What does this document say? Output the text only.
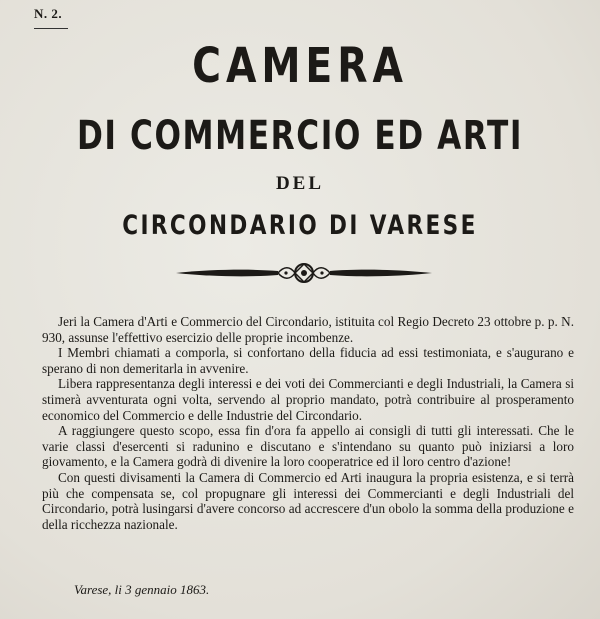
N. 2.
CAMERA
DI COMMERCIO ED ARTI
DEL
CIRCONDARIO DI VARESE

Jeri la Camera d'Arti e Commercio del Circondario, istituita col Regio Decreto 23 ottobre p. p. N. 930, assunse l'effettivo esercizio delle proprie incombenze.

I Membri chiamati a comporla, si confortano della fiducia ad essi testimoniata, e s'augurano e sperano di non demeritarla in avvenire.

Libera rappresentanza degli interessi e dei voti dei Commercianti e degli Industriali, la Camera si stimerà avventurata ogni volta, servendo al proprio mandato, potrà contribuire al prosperamento economico del Commercio e delle Industrie del Circondario.

A raggiungere questo scopo, essa fin d'ora fa appello ai consigli di tutti gli interessati. Che le varie classi d'esercenti si radunino e discutano e s'intendano su quanto può iniziarsi a loro giovamento, e la Camera godrà di divenire la loro cooperatrice ed il loro centro d'azione!

Con questi divisamenti la Camera di Commercio ed Arti inaugura la propria esistenza, e si terrà più che compensata se, col propugnare gli interessi dei Commercianti e degli Industriali del Circondario, potrà lusingarsi d'avere concorso ad accrescere d'un obolo la somma della produzione e della ricchezza nazionale.

Varese, li 3 gennaio 1863.
